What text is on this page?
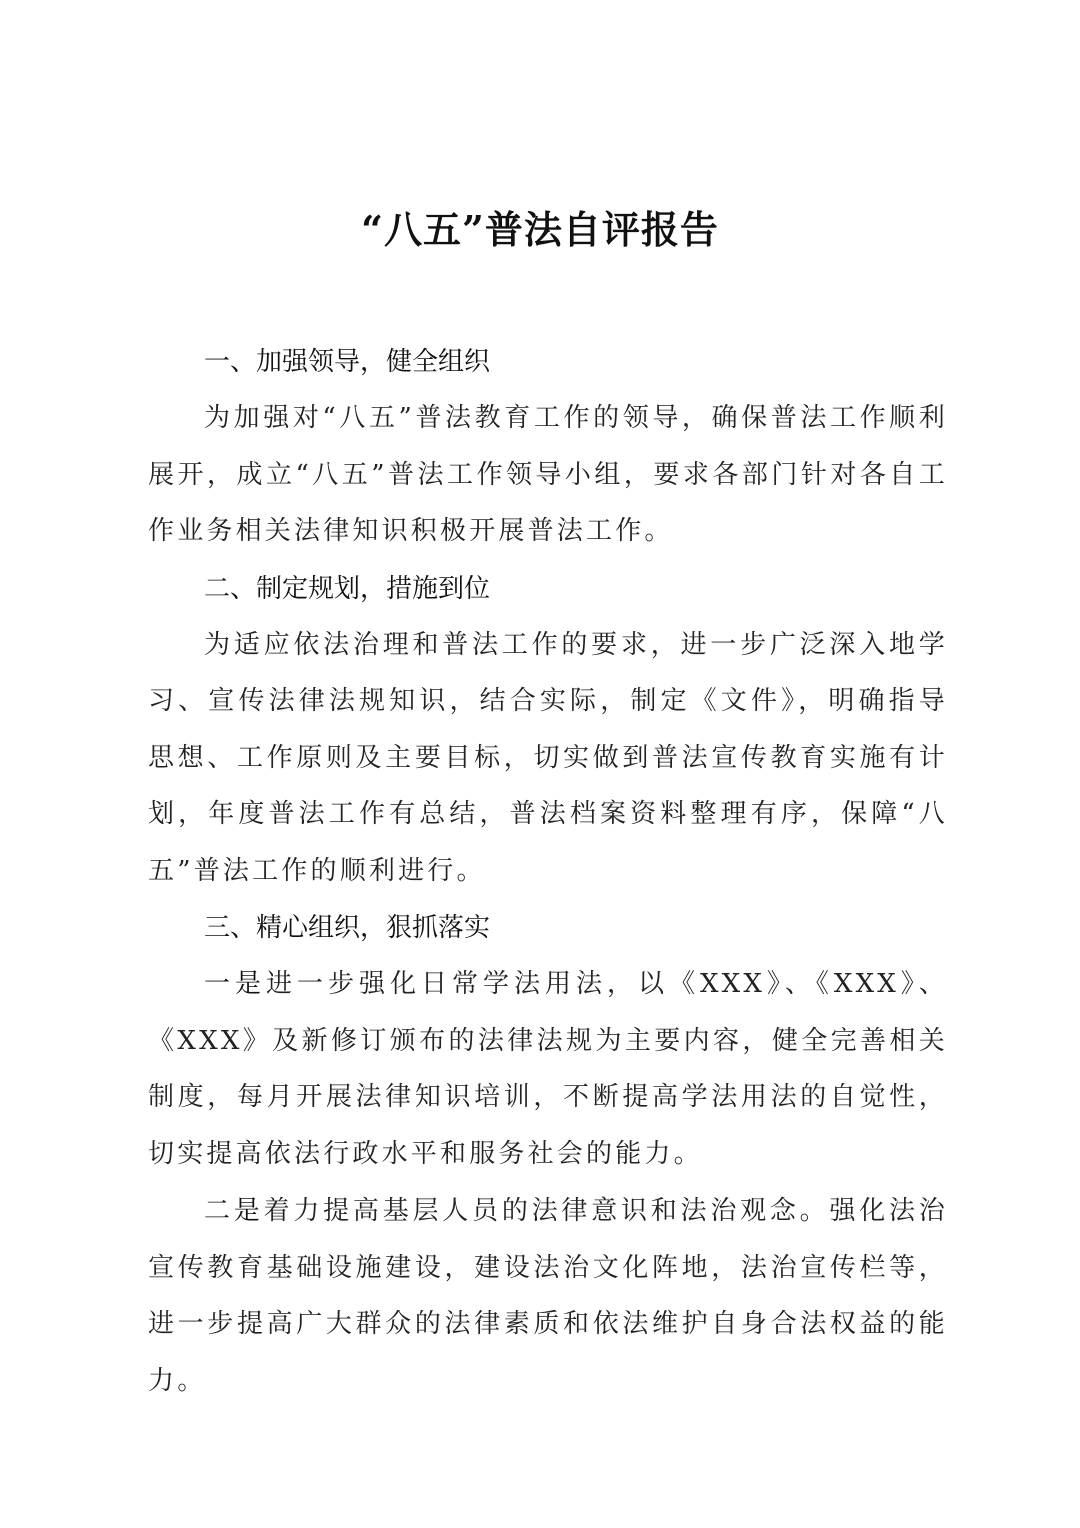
“八五”普法自评报告

一、加强领导，健全组织

为加强对“八五”普法教育工作的领导，确保普法工作顺利展开，成立“八五”普法工作领导小组，要求各部门针对各自工作业务相关法律知识积极开展普法工作。

二、制定规划，措施到位

为适应依法治理和普法工作的要求，进一步广泛深入地学习、宣传法律法规知识，结合实际，制定《文件》，明确指导思想、工作原则及主要目标，切实做到普法宣传教育实施有计划，年度普法工作有总结，普法档案资料整理有序，保障“八五”普法工作的顺利进行。

三、精心组织，狠抓落实

一是进一步强化日常学法用法，以《XXX》、《XXX》、《XXX》及新修订颁布的法律法规为主要内容，健全完善相关制度，每月开展法律知识培训，不断提高学法用法的自觉性，切实提高依法行政水平和服务社会的能力。

二是着力提高基层人员的法律意识和法治观念。强化法治宣传教育基础设施建设，建设法治文化阵地，法治宣传栏等，进一步提高广大群众的法律素质和依法维护自身合法权益的能力。
